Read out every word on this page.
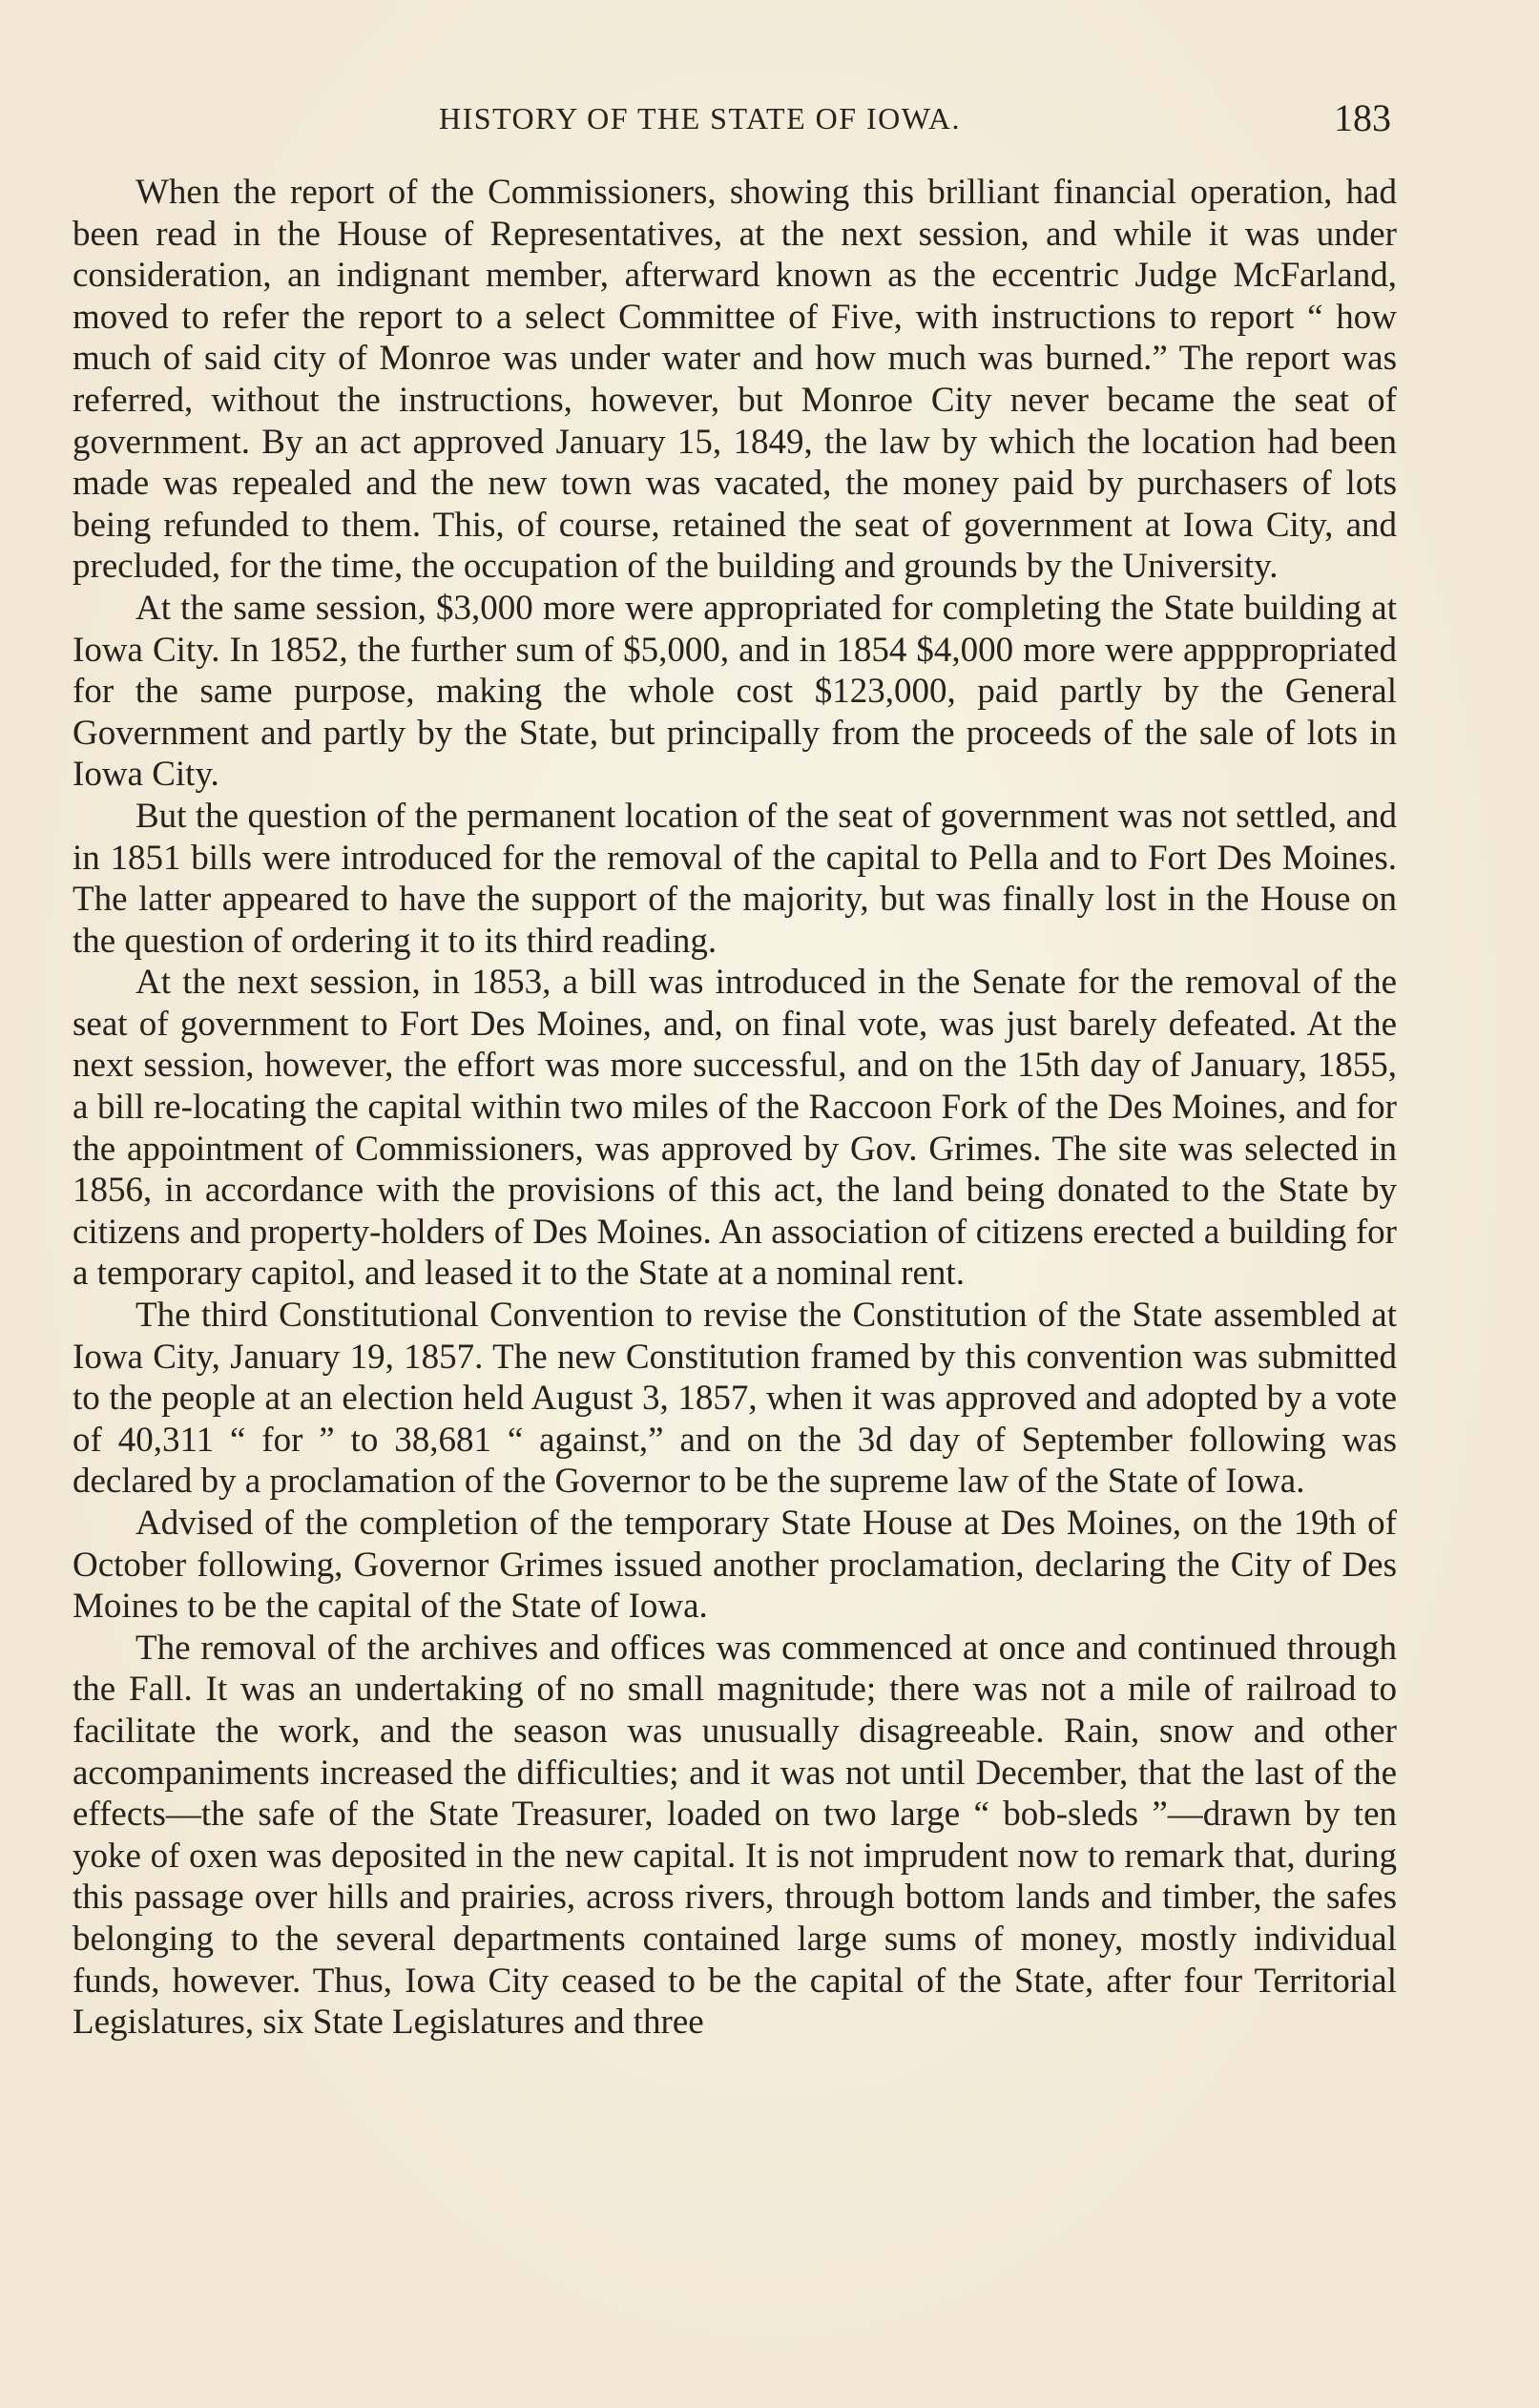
HISTORY OF THE STATE OF IOWA.	183

When the report of the Commissioners, showing this brilliant financial operation, had been read in the House of Representatives, at the next session, and while it was under consideration, an indignant member, afterward known as the eccentric Judge McFarland, moved to refer the report to a select Committee of Five, with instructions to report “ how much of said city of Monroe was under water and how much was burned.” The report was referred, without the instructions, however, but Monroe City never became the seat of government. By an act approved January 15, 1849, the law by which the location had been made was repealed and the new town was vacated, the money paid by purchasers of lots being refunded to them. This, of course, retained the seat of government at Iowa City, and precluded, for the time, the occupation of the building and grounds by the University.

At the same session, $3,000 more were appropriated for completing the State building at Iowa City. In 1852, the further sum of $5,000, and in 1854 $4,000 more were appppropriated for the same purpose, making the whole cost $123,000, paid partly by the General Government and partly by the State, but principally from the proceeds of the sale of lots in Iowa City.

But the question of the permanent location of the seat of government was not settled, and in 1851 bills were introduced for the removal of the capital to Pella and to Fort Des Moines. The latter appeared to have the support of the majority, but was finally lost in the House on the question of ordering it to its third reading.

At the next session, in 1853, a bill was introduced in the Senate for the removal of the seat of government to Fort Des Moines, and, on final vote, was just barely defeated. At the next session, however, the effort was more successful, and on the 15th day of January, 1855, a bill re-locating the capital within two miles of the Raccoon Fork of the Des Moines, and for the appointment of Commissioners, was approved by Gov. Grimes. The site was selected in 1856, in accordance with the provisions of this act, the land being donated to the State by citizens and property-holders of Des Moines. An association of citizens erected a building for a temporary capitol, and leased it to the State at a nominal rent.

The third Constitutional Convention to revise the Constitution of the State assembled at Iowa City, January 19, 1857. The new Constitution framed by this convention was submitted to the people at an election held August 3, 1857, when it was approved and adopted by a vote of 40,311 “ for ” to 38,681 “ against,” and on the 3d day of September following was declared by a proclamation of the Governor to be the supreme law of the State of Iowa.

Advised of the completion of the temporary State House at Des Moines, on the 19th of October following, Governor Grimes issued another proclamation, declaring the City of Des Moines to be the capital of the State of Iowa.

The removal of the archives and offices was commenced at once and continued through the Fall. It was an undertaking of no small magnitude; there was not a mile of railroad to facilitate the work, and the season was unusually disagreeable. Rain, snow and other accompaniments increased the difficulties; and it was not until December, that the last of the effects—the safe of the State Treasurer, loaded on two large “ bob-sleds ”—drawn by ten yoke of oxen was deposited in the new capital. It is not imprudent now to remark that, during this passage over hills and prairies, across rivers, through bottom lands and timber, the safes belonging to the several departments contained large sums of money, mostly individual funds, however. Thus, Iowa City ceased to be the capital of the State, after four Territorial Legislatures, six State Legislatures and three
